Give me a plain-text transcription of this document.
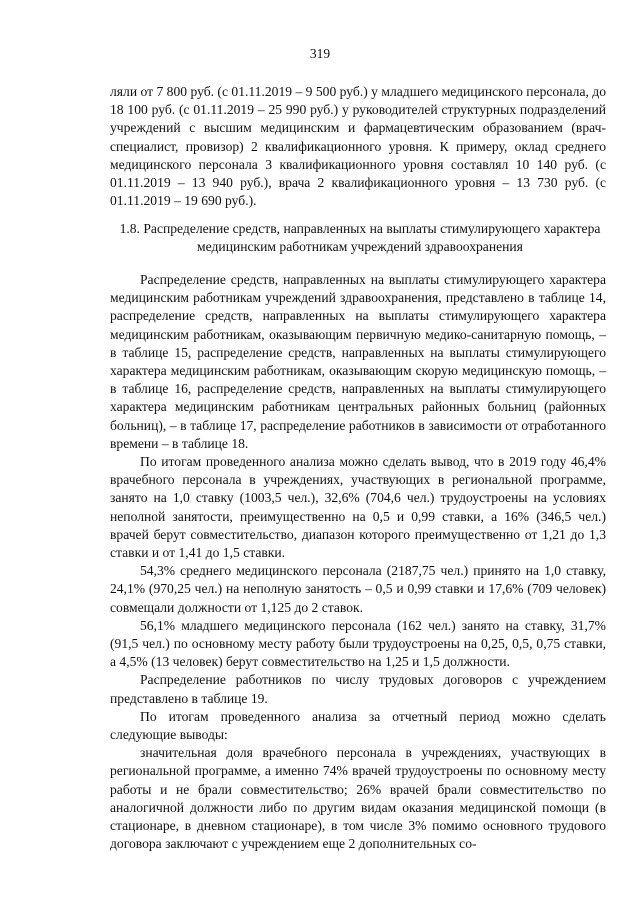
319

ляли от 7 800 руб. (с 01.11.2019 – 9 500 руб.) у младшего медицинского персонала, до 18 100 руб. (с 01.11.2019 – 25 990 руб.) у руководителей структурных подразделений учреждений с высшим медицинским и фармацевтическим образованием (врач-специалист, провизор) 2 квалификационного уровня. К примеру, оклад среднего медицинского персонала 3 квалификационного уровня составлял 10 140 руб. (с 01.11.2019 – 13 940 руб.), врача 2 квалификационного уровня – 13 730 руб. (с 01.11.2019 – 19 690 руб.).

1.8. Распределение средств, направленных на выплаты стимулирующего характера медицинским работникам учреждений здравоохранения

Распределение средств, направленных на выплаты стимулирующего характера медицинским работникам учреждений здравоохранения, представлено в таблице 14, распределение средств, направленных на выплаты стимулирующего характера медицинским работникам, оказывающим первичную медико-санитарную помощь, – в таблице 15, распределение средств, направленных на выплаты стимулирующего характера медицинским работникам, оказывающим скорую медицинскую помощь, – в таблице 16, распределение средств, направленных на выплаты стимулирующего характера медицинским работникам центральных районных больниц (районных больниц), – в таблице 17, распределение работников в зависимости от отработанного времени – в таблице 18.

По итогам проведенного анализа можно сделать вывод, что в 2019 году 46,4% врачебного персонала в учреждениях, участвующих в региональной программе, занято на 1,0 ставку (1003,5 чел.), 32,6% (704,6 чел.) трудоустроены на условиях неполной занятости, преимущественно на 0,5 и 0,99 ставки, а 16% (346,5 чел.) врачей берут совместительство, диапазон которого преимущественно от 1,21 до 1,3 ставки и от 1,41 до 1,5 ставки.

54,3% среднего медицинского персонала (2187,75 чел.) принято на 1,0 ставку, 24,1% (970,25 чел.) на неполную занятость – 0,5 и 0,99 ставки и 17,6% (709 человек) совмещали должности от 1,125 до 2 ставок.

56,1% младшего медицинского персонала (162 чел.) занято на ставку, 31,7% (91,5 чел.) по основному месту работу были трудоустроены на 0,25, 0,5, 0,75 ставки, а 4,5% (13 человек) берут совместительство на 1,25 и 1,5 должности.

Распределение работников по числу трудовых договоров с учреждением представлено в таблице 19.

По итогам проведенного анализа за отчетный период можно сделать следующие выводы:

значительная доля врачебного персонала в учреждениях, участвующих в региональной программе, а именно 74% врачей трудоустроены по основному месту работы и не брали совместительство; 26% врачей брали совместительство по аналогичной должности либо по другим видам оказания медицинской помощи (в стационаре, в дневном стационаре), в том числе 3% помимо основного трудового договора заключают с учреждением еще 2 дополнительных со-
